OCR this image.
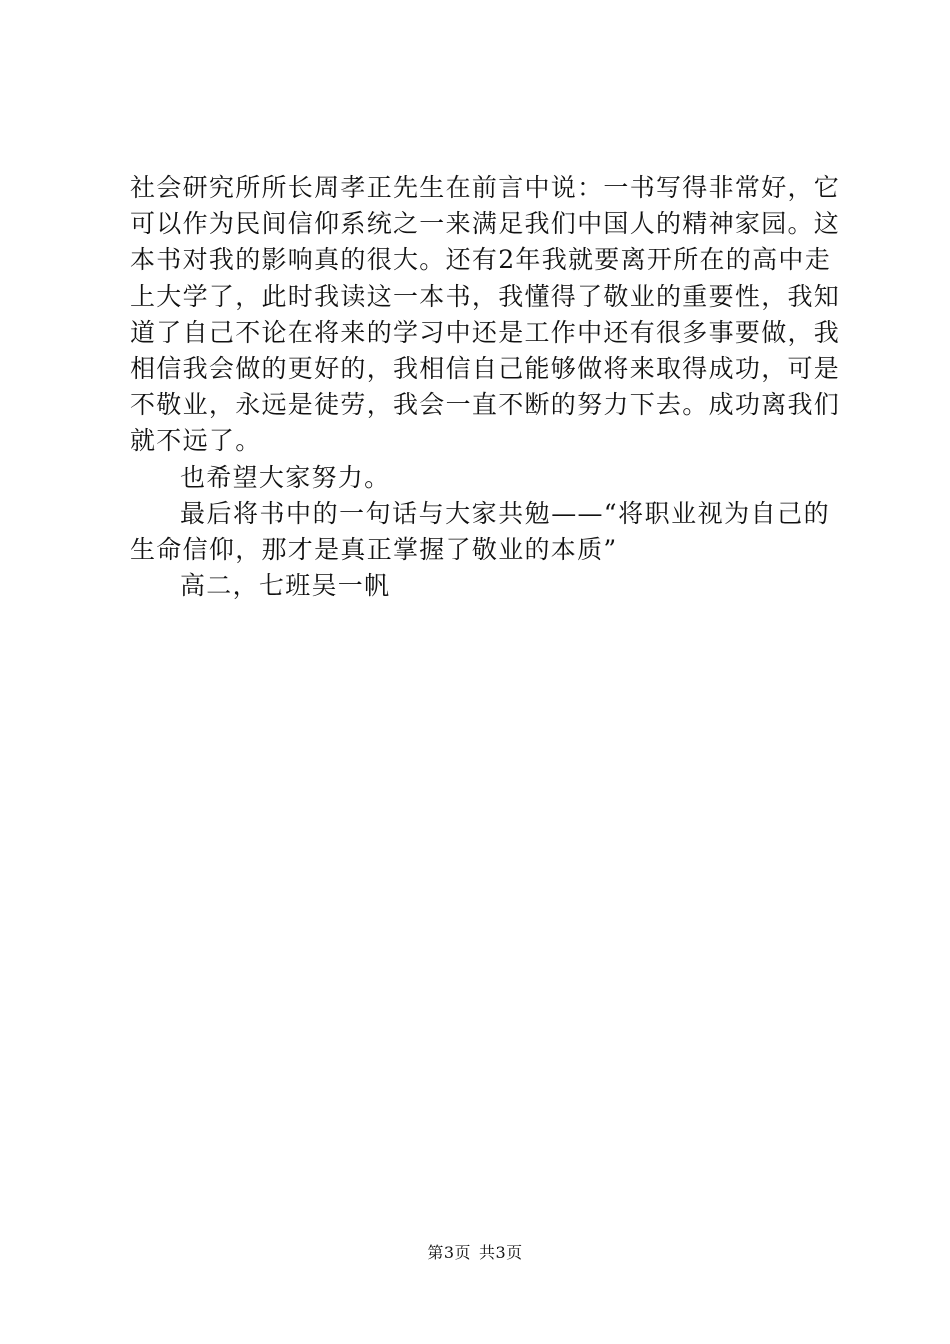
社会研究所所长周孝正先生在前言中说：一书写得非常好，它
可以作为民间信仰系统之一来满足我们中国人的精神家园。这
本书对我的影响真的很大。还有2年我就要离开所在的高中走
上大学了，此时我读这一本书，我懂得了敬业的重要性，我知
道了自己不论在将来的学习中还是工作中还有很多事要做，我
相信我会做的更好的，我相信自己能够做将来取得成功，可是
不敬业，永远是徒劳，我会一直不断的努力下去。成功离我们
就不远了。
也希望大家努力。
最后将书中的一句话与大家共勉——“将职业视为自己的
生命信仰，那才是真正掌握了敬业的本质”
高二，七班吴一帆
第3页 共3页
